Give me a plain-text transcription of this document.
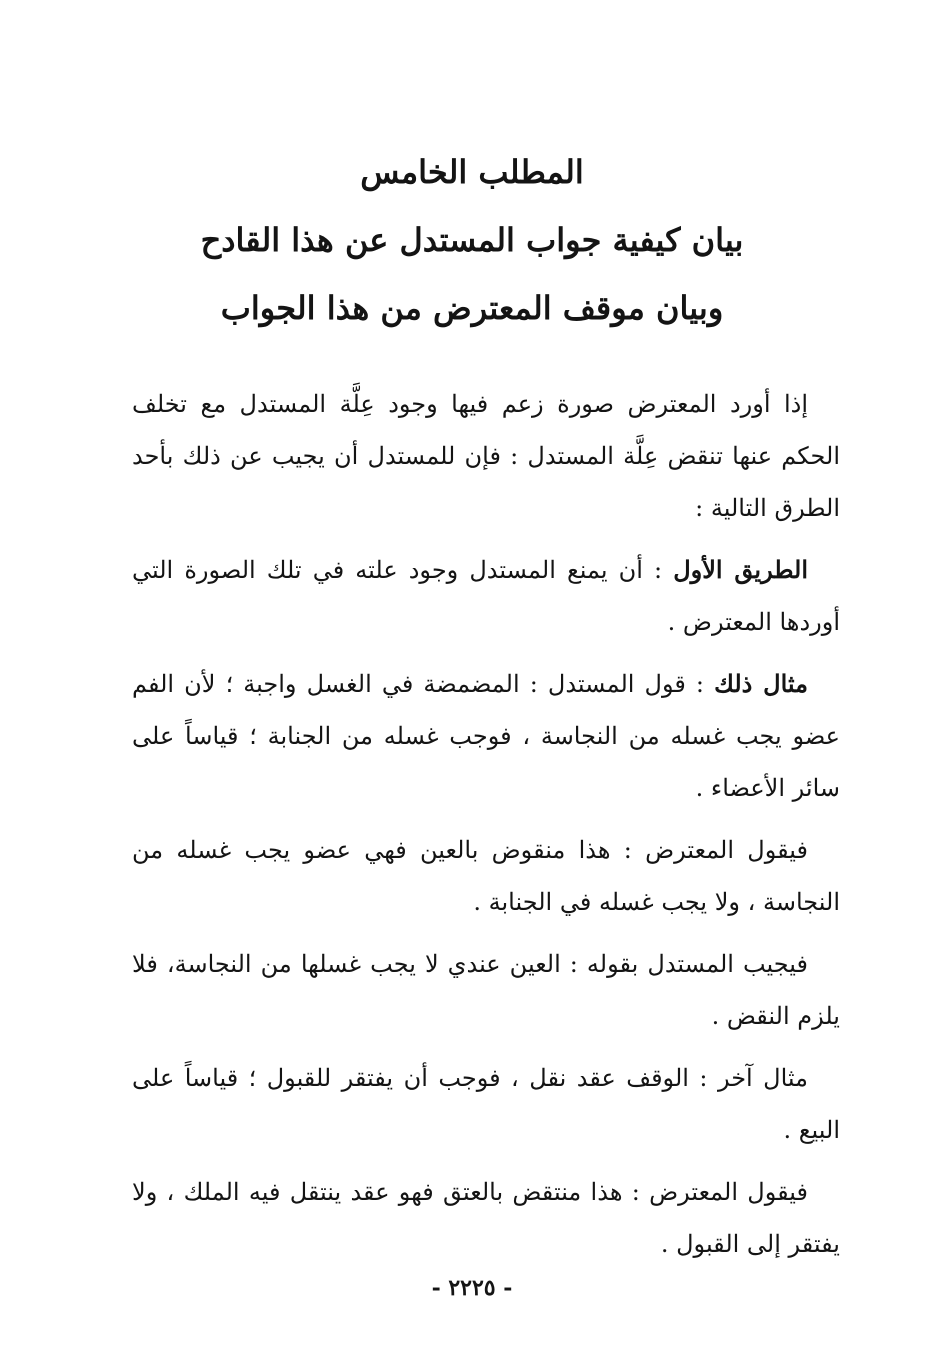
المطلب الخامس

بيان كيفية جواب المستدل عن هذا القادح

وبيان موقف المعترض من هذا الجواب

إذا أورد المعترض صورة زعم فيها وجود عِلَّة المستدل مع تخلف الحكم عنها تنقض عِلَّة المستدل : فإن للمستدل أن يجيب عن ذلك بأحد الطرق التالية :

الطريق الأول : أن يمنع المستدل وجود علته في تلك الصورة التي أوردها المعترض .

مثال ذلك : قول المستدل : المضمضة في الغسل واجبة ؛ لأن الفم عضو يجب غسله من النجاسة ، فوجب غسله من الجنابة ؛ قياساً على سائر الأعضاء .

فيقول المعترض : هذا منقوض بالعين فهي عضو يجب غسله من النجاسة ، ولا يجب غسله في الجنابة .

فيجيب المستدل بقوله : العين عندي لا يجب غسلها من النجاسة، فلا يلزم النقض .

مثال آخر : الوقف عقد نقل ، فوجب أن يفتقر للقبول ؛ قياساً على البيع .

فيقول المعترض : هذا منتقض بالعتق فهو عقد ينتقل فيه الملك ، ولا يفتقر إلى القبول .

- ٢٢٢٥ -
